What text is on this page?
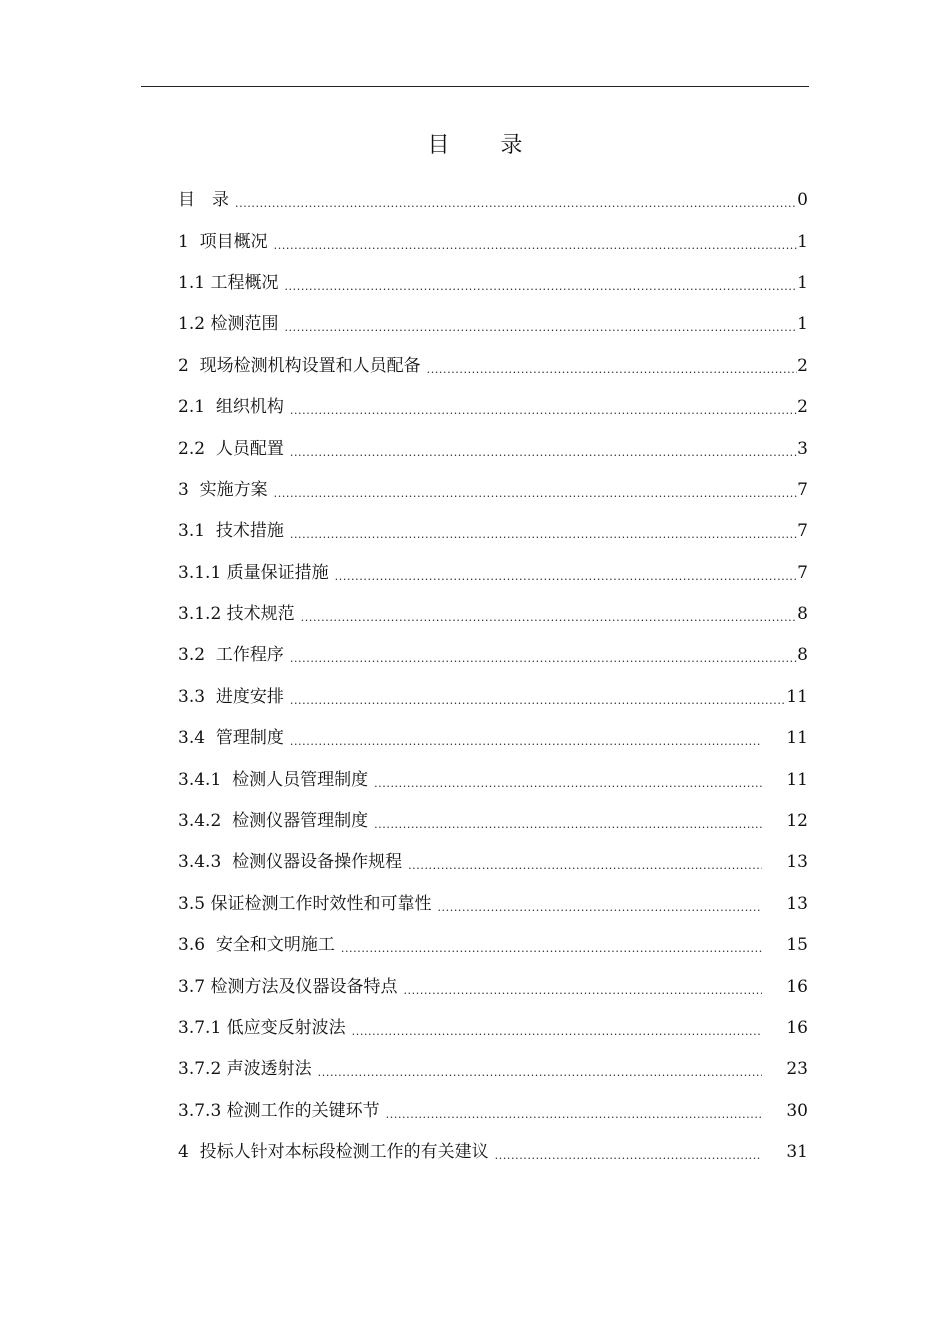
目 录
目　录 .....	0
1  项目概况 .....	1
1.1 工程概况 .....	1
1.2 检测范围 .....	1
2  现场检测机构设置和人员配备 .....	2
2.1  组织机构 .....	2
2.2  人员配置 .....	3
3  实施方案 .....	7
3.1  技术措施 .....	7
3.1.1 质量保证措施 .....	7
3.1.2 技术规范 .....	8
3.2  工作程序 .....	8
3.3  进度安排 .....	11
3.4  管理制度 .....	11
3.4.1  检测人员管理制度 .....	11
3.4.2  检测仪器管理制度 .....	12
3.4.3  检测仪器设备操作规程 .....	13
3.5 保证检测工作时效性和可靠性 .....	13
3.6  安全和文明施工 .....	15
3.7 检测方法及仪器设备特点 .....	16
3.7.1 低应变反射波法 .....	16
3.7.2 声波透射法 .....	23
3.7.3 检测工作的关键环节 .....	30
4  投标人针对本标段检测工作的有关建议 .....	31
